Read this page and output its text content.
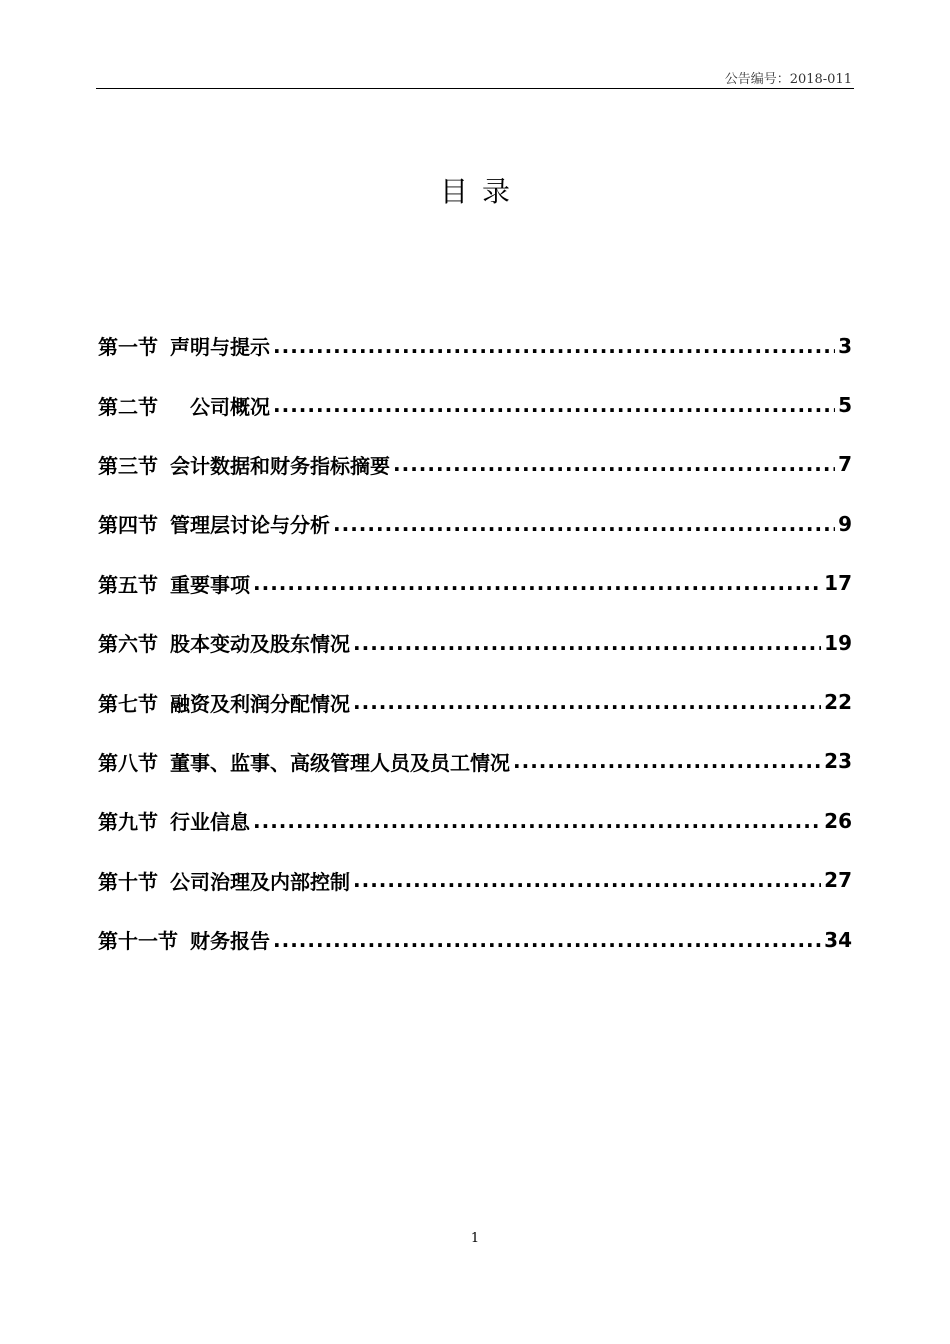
公告编号：2018-011
目录
第一节 声明与提示 .....	3
第二节 　公司概况 .....	5
第三节 会计数据和财务指标摘要 .....	7
第四节 管理层讨论与分析 .....	9
第五节 重要事项 .....	17
第六节 股本变动及股东情况 .....	19
第七节 融资及利润分配情况 .....	22
第八节 董事、监事、高级管理人员及员工情况 .....	23
第九节 行业信息 .....	26
第十节 公司治理及内部控制 .....	27
第十一节 财务报告 .....	34
1
